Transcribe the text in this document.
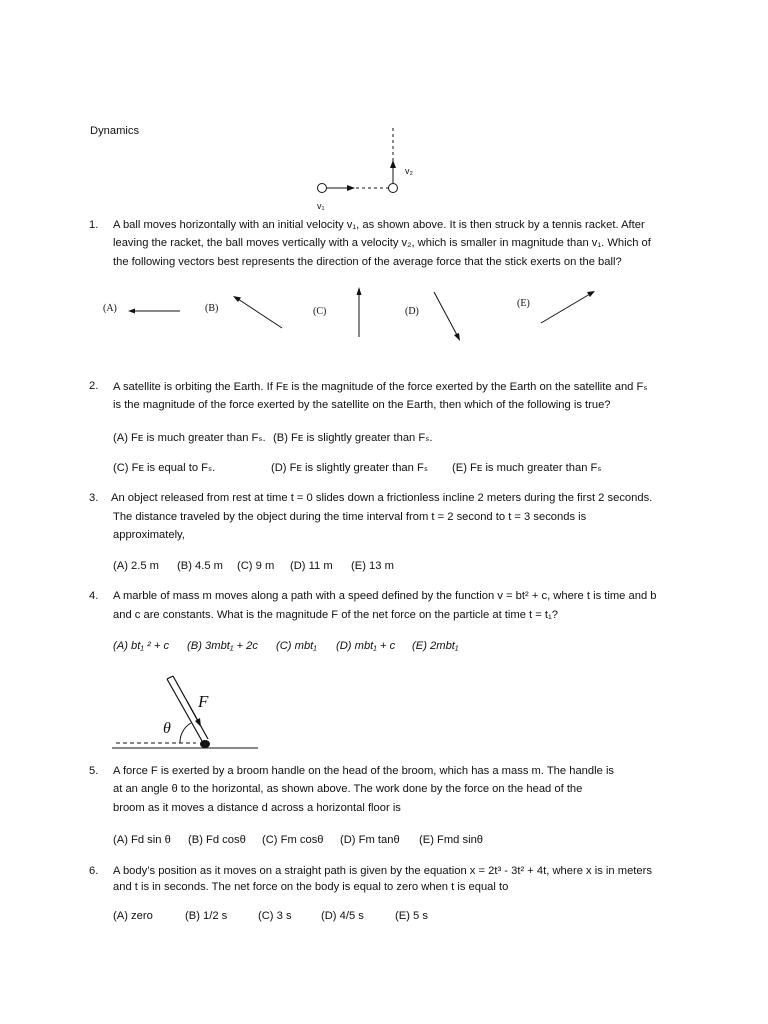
Dynamics
v₂
v₁
1. A ball moves horizontally with an initial velocity v₁, as shown above. It is then struck by a tennis racket. After
leaving the racket, the ball moves vertically with a velocity v₂, which is smaller in magnitude than v₁. Which of
the following vectors best represents the direction of the average force that the stick exerts on the ball?
(A)	(B)	(C)	(D)
(E)
2. A satellite is orbiting the Earth. If Fᴇ is the magnitude of the force exerted by the Earth on the satellite and Fₛ
is the magnitude of the force exerted by the satellite on the Earth, then which of the following is true?
(A) Fᴇ is much greater than Fₛ. (B) Fᴇ is slightly greater than Fₛ.
(C) Fᴇ is equal to Fₛ.	(D) Fᴇ is slightly greater than Fₛ (E) Fᴇ is much greater than Fₛ
3. An object released from rest at time t = 0 slides down a frictionless incline 2 meters during the first 2 seconds.
The distance traveled by the object during the time interval from t = 2 second to t = 3 seconds is
approximately,
(A) 2.5 m (B) 4.5 m (C) 9 m (D) 11 m (E) 13 m
4. A marble of mass m moves along a path with a speed defined by the function v = bt² + c, where t is time and b
and c are constants. What is the magnitude F of the net force on the particle at time t = t₁?
(A) bt₁ ² + c (B) 3mbt₁ + 2c (C) mbt₁ (D) mbt₁ + c (E) 2mbt₁
F
θ
5. A force F is exerted by a broom handle on the head of the broom, which has a mass m. The handle is
at an angle θ to the horizontal, as shown above. The work done by the force on the head of the
broom as it moves a distance d across a horizontal floor is
(A) Fd sin θ (B) Fd cosθ (C) Fm cosθ (D) Fm tanθ (E) Fmd sinθ
6. A body’s position as it moves on a straight path is given by the equation x = 2t³ - 3t² + 4t, where x is in meters
and t is in seconds. The net force on the body is equal to zero when t is equal to
(A) zero	(B) 1/2 s	(C) 3 s	(D) 4/5 s	(E) 5 s
